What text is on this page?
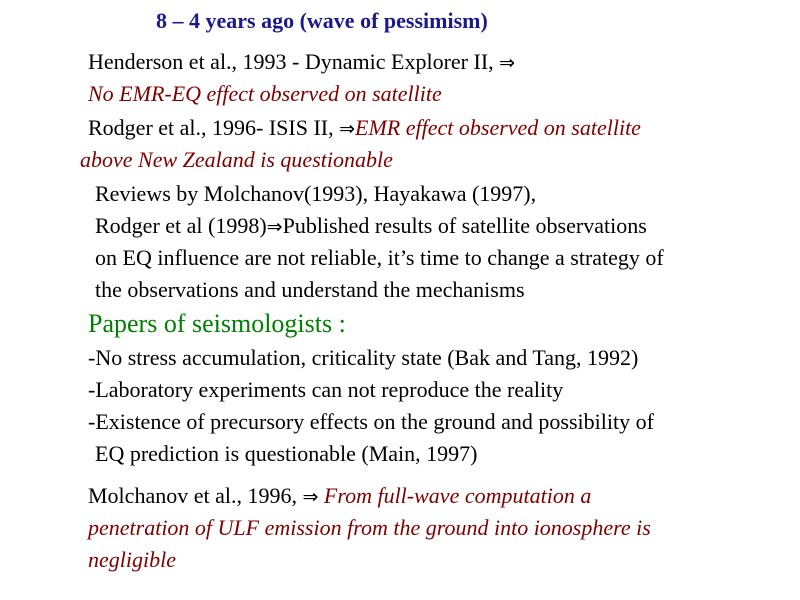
8 – 4 years ago (wave of pessimism)
Henderson et al., 1993 - Dynamic Explorer II, ⇒
No EMR-EQ effect observed on satellite
Rodger et al., 1996- ISIS II, ⇒EMR effect observed on satellite
above New Zealand is questionable
Reviews by Molchanov(1993), Hayakawa (1997),
Rodger et al (1998)⇒Published results of satellite observations
on EQ influence are not reliable, it’s time to change a strategy of
the observations and understand the mechanisms
Papers of seismologists :
-No stress accumulation, criticality state (Bak and Tang, 1992)
-Laboratory experiments can not reproduce the reality
-Existence of precursory effects on the ground and possibility of
EQ prediction is questionable (Main, 1997)
Molchanov et al., 1996, ⇒ From full-wave computation a
penetration of ULF emission from the ground into ionosphere is
negligible
